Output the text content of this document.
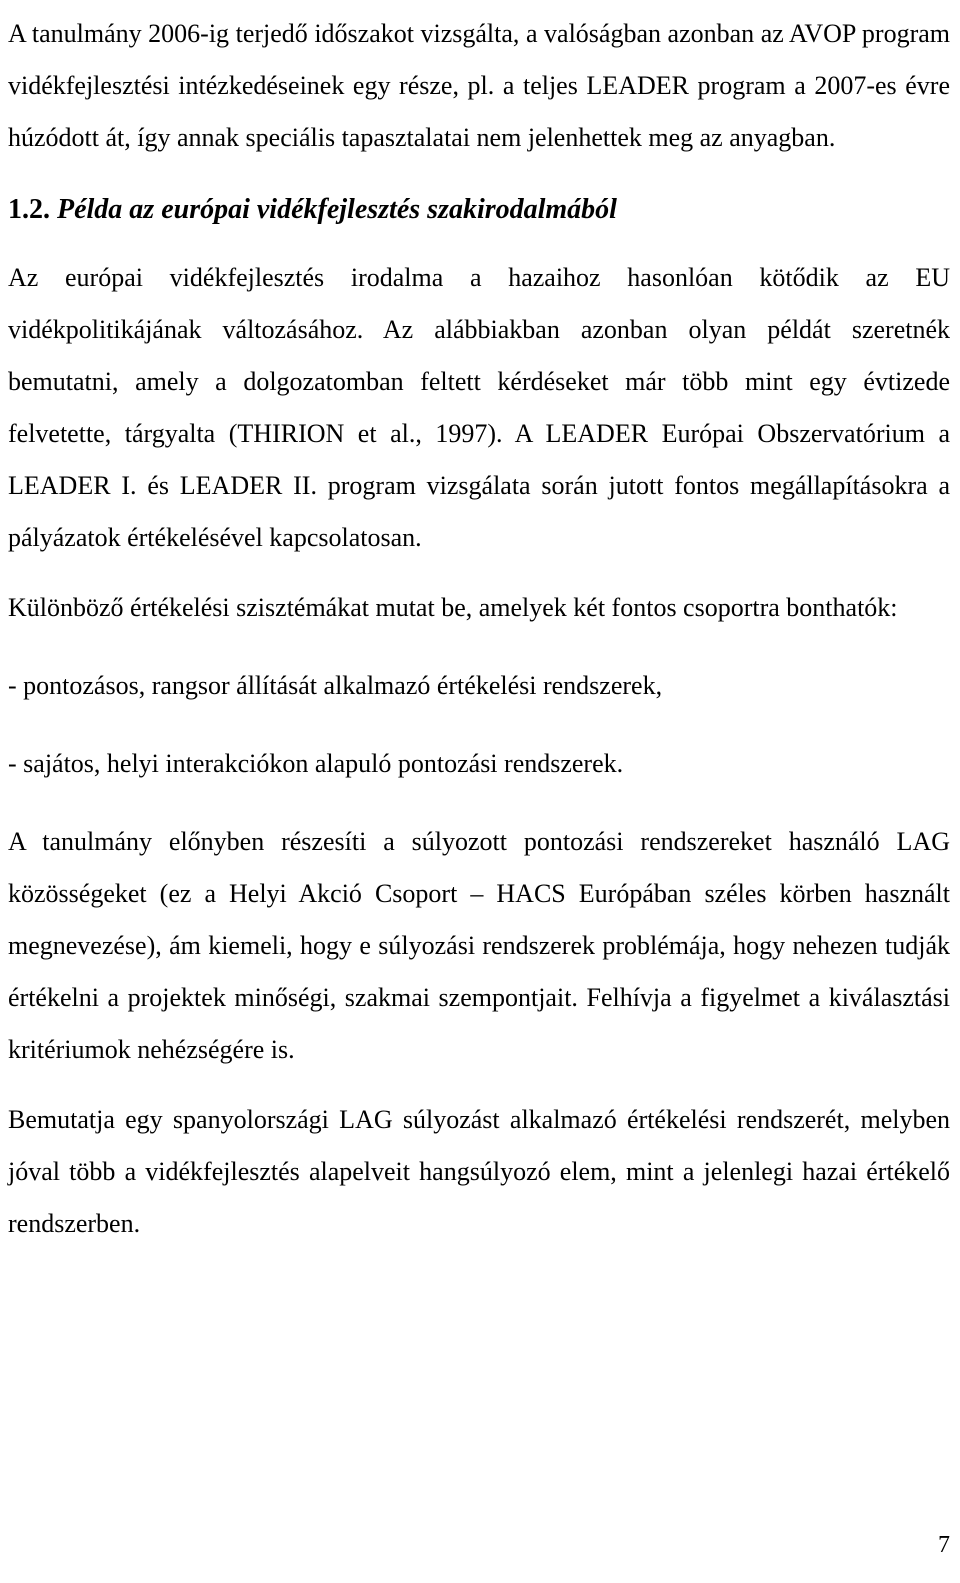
A tanulmány 2006-ig terjedő időszakot vizsgálta, a valóságban azonban az AVOP program vidékfejlesztési intézkedéseinek egy része, pl. a teljes LEADER program a 2007-es évre húzódott át, így annak speciális tapasztalatai nem jelenhettek meg az anyagban.

1.2. Példa az európai vidékfejlesztés szakirodalmából

Az európai vidékfejlesztés irodalma a hazaihoz hasonlóan kötődik az EU vidékpolitikájának változásához. Az alábbiakban azonban olyan példát szeretnék bemutatni, amely a dolgozatomban feltett kérdéseket már több mint egy évtizede felvetette, tárgyalta (THIRION et al., 1997). A LEADER Európai Obszervatórium a LEADER I. és LEADER II. program vizsgálata során jutott fontos megállapításokra a pályázatok értékelésével kapcsolatosan.

Különböző értékelési szisztémákat mutat be, amelyek két fontos csoportra bonthatók:

- pontozásos, rangsor állítását alkalmazó értékelési rendszerek,

- sajátos, helyi interakciókon alapuló pontozási rendszerek.

A tanulmány előnyben részesíti a súlyozott pontozási rendszereket használó LAG közösségeket (ez a Helyi Akció Csoport – HACS Európában széles körben használt megnevezése), ám kiemeli, hogy e súlyozási rendszerek problémája, hogy nehezen tudják értékelni a projektek minőségi, szakmai szempontjait. Felhívja a figyelmet a kiválasztási kritériumok nehézségére is.

Bemutatja egy spanyolországi LAG súlyozást alkalmazó értékelési rendszerét, melyben jóval több a vidékfejlesztés alapelveit hangsúlyozó elem, mint a jelenlegi hazai értékelő rendszerben.

7
